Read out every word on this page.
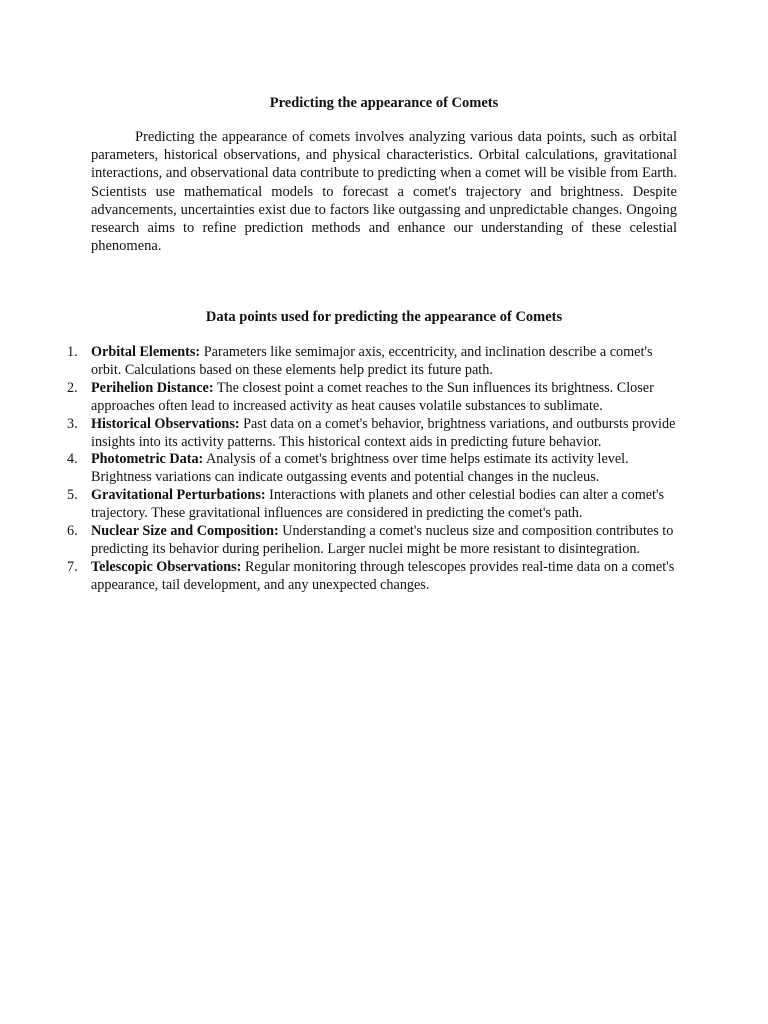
Predicting the appearance of Comets

Predicting the appearance of comets involves analyzing various data points, such as orbital parameters, historical observations, and physical characteristics. Orbital calculations, gravitational interactions, and observational data contribute to predicting when a comet will be visible from Earth. Scientists use mathematical models to forecast a comet's trajectory and brightness. Despite advancements, uncertainties exist due to factors like outgassing and unpredictable changes. Ongoing research aims to refine prediction methods and enhance our understanding of these celestial phenomena.

Data points used for predicting the appearance of Comets
1. Orbital Elements: Parameters like semimajor axis, eccentricity, and inclination describe a comet's orbit. Calculations based on these elements help predict its future path.
2. Perihelion Distance: The closest point a comet reaches to the Sun influences its brightness. Closer approaches often lead to increased activity as heat causes volatile substances to sublimate.
3. Historical Observations: Past data on a comet's behavior, brightness variations, and outbursts provide insights into its activity patterns. This historical context aids in predicting future behavior.
4. Photometric Data: Analysis of a comet's brightness over time helps estimate its activity level. Brightness variations can indicate outgassing events and potential changes in the nucleus.
5. Gravitational Perturbations: Interactions with planets and other celestial bodies can alter a comet's trajectory. These gravitational influences are considered in predicting the comet's path.
6. Nuclear Size and Composition: Understanding a comet's nucleus size and composition contributes to predicting its behavior during perihelion. Larger nuclei might be more resistant to disintegration.
7. Telescopic Observations: Regular monitoring through telescopes provides real-time data on a comet's appearance, tail development, and any unexpected changes.
